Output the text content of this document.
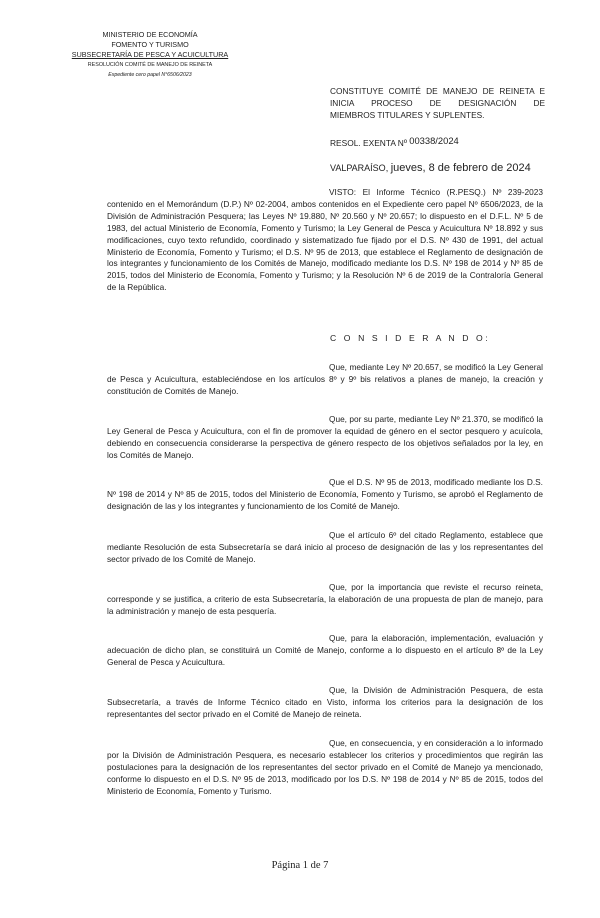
MINISTERIO DE ECONOMÍA
FOMENTO Y TURISMO
SUBSECRETARÍA DE PESCA Y ACUICULTURA
RESOLUCIÓN COMITÉ DE MANEJO DE REINETA
Expediente cero papel N°6506/2023
CONSTITUYE COMITÉ DE MANEJO DE REINETA E
INICIA PROCESO DE DESIGNACIÓN DE
MIEMBROS TITULARES Y SUPLENTES.
RESOL. EXENTA Nº 00338/2024
VALPARAÍSO, jueves, 8 de febrero de 2024

VISTO: El Informe Técnico (R.PESQ.) Nº 239-2023 contenido en el Memorándum (D.P.) Nº 02-2004, ambos contenidos en el Expediente cero papel Nº 6506/2023, de la División de Administración Pesquera; las Leyes Nº 19.880, Nº 20.560 y Nº 20.657; lo dispuesto en el D.F.L. Nº 5 de 1983, del actual Ministerio de Economía, Fomento y Turismo; la Ley General de Pesca y Acuicultura Nº 18.892 y sus modificaciones, cuyo texto refundido, coordinado y sistematizado fue fijado por el D.S. Nº 430 de 1991, del actual Ministerio de Economía, Fomento y Turismo; el D.S. Nº 95 de 2013, que establece el Reglamento de designación de los integrantes y funcionamiento de los Comités de Manejo, modificado mediante los D.S. Nº 198 de 2014 y Nº 85 de 2015, todos del Ministerio de Economía, Fomento y Turismo; y la Resolución Nº 6 de 2019 de la Contraloría General de la República.

C O N S I D E R A N D O:

Que, mediante Ley Nº 20.657, se modificó la Ley General de Pesca y Acuicultura, estableciéndose en los artículos 8º y 9º bis relativos a planes de manejo, la creación y constitución de Comités de Manejo.

Que, por su parte, mediante Ley Nº 21.370, se modificó la Ley General de Pesca y Acuicultura, con el fin de promover la equidad de género en el sector pesquero y acuícola, debiendo en consecuencia considerarse la perspectiva de género respecto de los objetivos señalados por la ley, en los Comités de Manejo.

Que el D.S. Nº 95 de 2013, modificado mediante los D.S. Nº 198 de 2014 y Nº 85 de 2015, todos del Ministerio de Economía, Fomento y Turismo, se aprobó el Reglamento de designación de las y los integrantes y funcionamiento de los Comité de Manejo.

Que el artículo 6º del citado Reglamento, establece que mediante Resolución de esta Subsecretaría se dará inicio al proceso de designación de las y los representantes del sector privado de los Comité de Manejo.

Que, por la importancia que reviste el recurso reineta, corresponde y se justifica, a criterio de esta Subsecretaría, la elaboración de una propuesta de plan de manejo, para la administración y manejo de esta pesquería.

Que, para la elaboración, implementación, evaluación y adecuación de dicho plan, se constituirá un Comité de Manejo, conforme a lo dispuesto en el artículo 8º de la Ley General de Pesca y Acuicultura.

Que, la División de Administración Pesquera, de esta Subsecretaría, a través de Informe Técnico citado en Visto, informa los criterios para la designación de los representantes del sector privado en el Comité de Manejo de reineta.

Que, en consecuencia, y en consideración a lo informado por la División de Administración Pesquera, es necesario establecer los criterios y procedimientos que regirán las postulaciones para la designación de los representantes del sector privado en el Comité de Manejo ya mencionado, conforme lo dispuesto en el D.S. Nº 95 de 2013, modificado por los D.S. Nº 198 de 2014 y Nº 85 de 2015, todos del Ministerio de Economía, Fomento y Turismo.

Página 1 de 7
